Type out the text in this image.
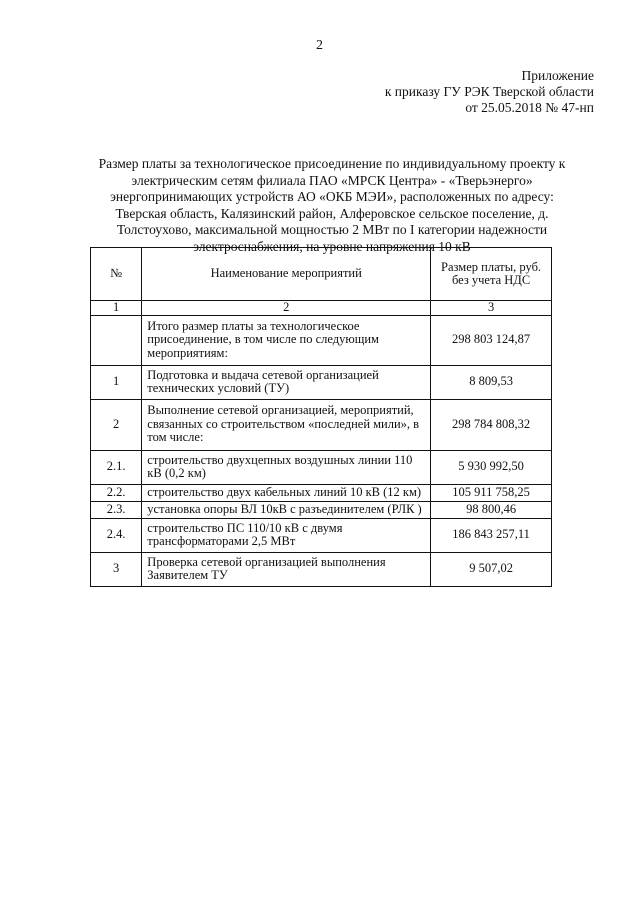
2
Приложение
к приказу ГУ РЭК Тверской области
от 25.05.2018 № 47-нп
Размер платы за технологическое присоединение по индивидуальному проекту к электрическим сетям филиала ПАО «МРСК Центра» - «Тверьэнерго» энергопринимающих устройств АО «ОКБ МЭИ», расположенных по адресу: Тверская область, Калязинский район, Алферовское сельское поселение, д. Толстоухово, максимальной мощностью 2 МВт по I категории надежности электроснабжения, на уровне напряжения 10 кВ
№	Наименование мероприятий	Размер платы, руб. без учета НДС
1	2	3
	Итого размер платы за технологическое присоединение, в том числе по следующим мероприятиям:	298 803 124,87
1	Подготовка и выдача сетевой организацией технических условий (ТУ)	8 809,53
2	Выполнение сетевой организацией, мероприятий, связанных со строительством «последней мили», в том числе:	298 784 808,32
2.1.	строительство двухцепных воздушных линии 110 кВ (0,2 км)	5 930 992,50
2.2.	строительство двух кабельных линий 10 кВ (12 км)	105 911 758,25
2.3.	установка опоры ВЛ 10кВ с разъединителем (РЛК )	98 800,46
2.4.	строительство ПС 110/10 кВ с двумя трансформаторами 2,5 МВт	186 843 257,11
3	Проверка сетевой организацией выполнения Заявителем ТУ	9 507,02
